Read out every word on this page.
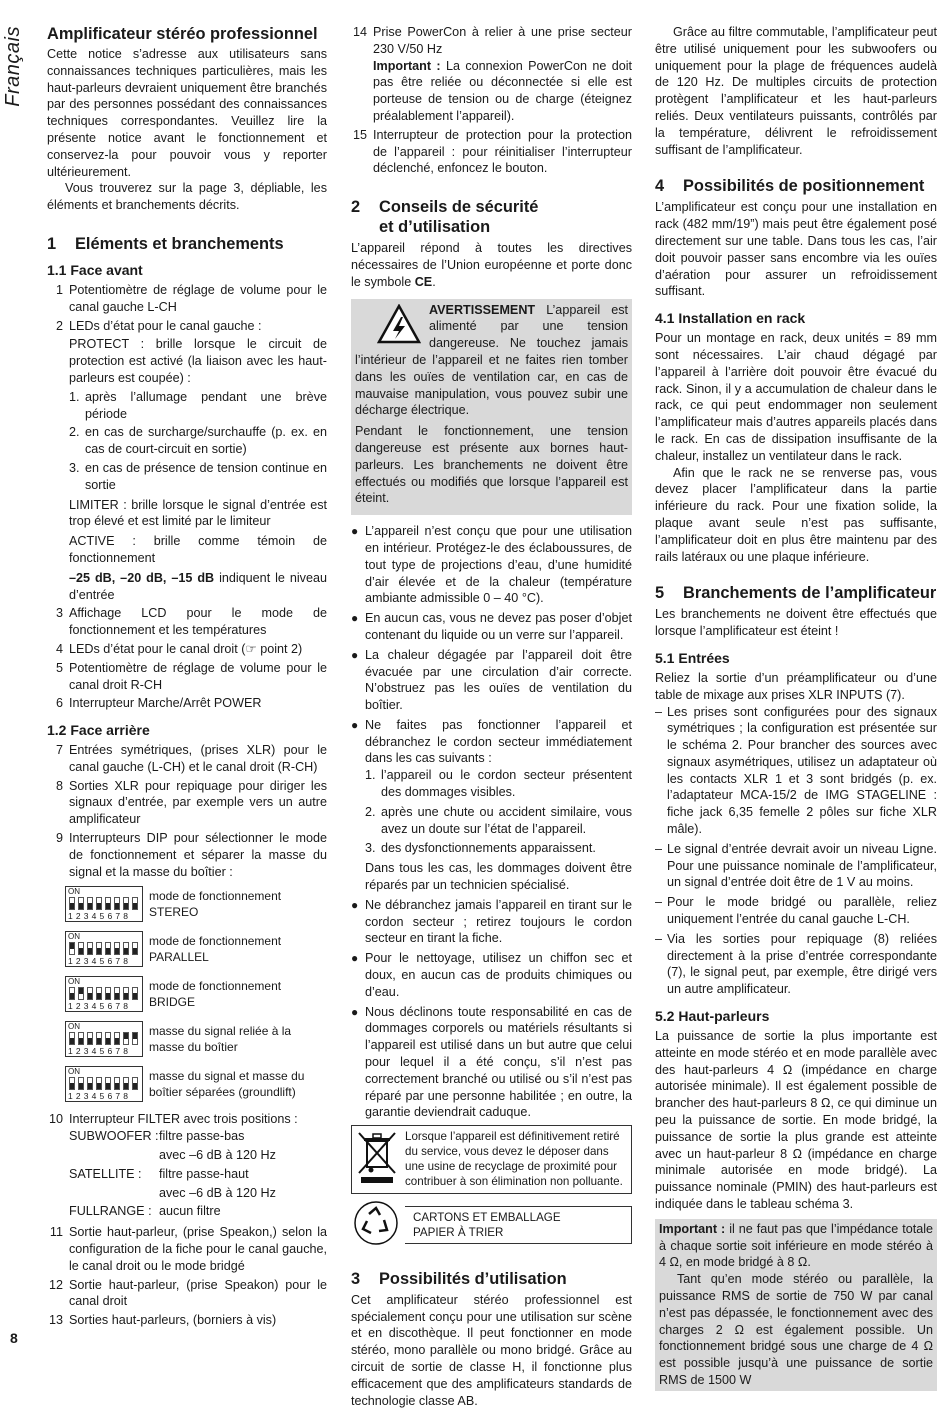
Français
8
Amplificateur stéréo professionnel

Cette notice s’adresse aux utilisateurs sans connaissances techniques particulières, mais les haut-parleurs devraient uniquement être branchés par des personnes possédant des connaissances techniques correspondantes. Veuillez lire la présente notice avant le fonctionnement et conservez-la pour pouvoir vous y reporter ultérieurement.

Vous trouverez sur la page 3, dépliable, les éléments et branchements décrits.

1 Eléments et branchements
1.1 Face avant
1 Potentiomètre de réglage de volume pour le canal gauche L-CH
2 LEDs d’état pour le canal gauche :
PROTECT : brille lorsque le circuit de protection est activé (la liaison avec les haut-parleurs est coupée) :
1. après l’allumage pendant une brève période
2. en cas de surcharge/surchauffe (p. ex. en cas de court-circuit en sortie)
3. en cas de présence de tension continue en sortie
LIMITER : brille lorsque le signal d’entrée est trop élevé et est limité par le limiteur
ACTIVE : brille comme témoin de fonctionnement
–25 dB, –20 dB, –15 dB indiquent le niveau d’entrée
3 Affichage LCD pour le mode de fonctionnement et les températures
4 LEDs d’état pour le canal droit (☞ point 2)
5 Potentiomètre de réglage de volume pour le canal droit R-CH
6 Interrupteur Marche/Arrêt POWER
1.2 Face arrière
7 Entrées symétriques, (prises XLR) pour le canal gauche (L-CH) et le canal droit (R-CH)
8 Sorties XLR pour repiquage pour diriger les signaux d’entrée, par exemple vers un autre amplificateur
9 Interrupteurs DIP pour sélectionner le mode de fonctionnement et séparer la masse du signal et la masse du boîtier :
ON
1 2 3 4 5 6 7 8
mode de fonctionnement
STEREO
ON
1 2 3 4 5 6 7 8
mode de fonctionnement
PARALLEL
ON
1 2 3 4 5 6 7 8
mode de fonctionnement
BRIDGE
ON
1 2 3 4 5 6 7 8
masse du signal reliée à la
masse du boîtier
ON
1 2 3 4 5 6 7 8
masse du signal et masse du
boîtier séparées (groundlift)
10 Interrupteur FILTER avec trois positions :
SUBWOOFER : filtre passe-bas
avec –6 dB à 120 Hz
SATELLITE :	filtre passe-haut
avec –6 dB à 120 Hz
FULLRANGE : aucun filtre
11 Sortie haut-parleur, (prise Speakon,) selon la configuration de la fiche pour le canal gauche, le canal droit ou le mode bridgé
12 Sortie haut-parleur, (prise Speakon) pour le canal droit
13 Sorties haut-parleurs, (borniers à vis)
14 Prise PowerCon à relier à une prise secteur 230 V/50 Hz
Important : La connexion PowerCon ne doit pas être reliée ou déconnectée si elle est porteuse de tension ou de charge (éteignez préalablement l’appareil).
15 Interrupteur de protection pour la protection de l’appareil : pour réinitialiser l’interrupteur déclenché, enfoncez le bouton.
2 Conseils de sécurité
et d’utilisation

L’appareil répond à toutes les directives nécessaires de l’Union européenne et porte donc le symbole CE.

AVERTISSEMENT
L’appareil est alimenté par une tension dangereuse. Ne touchez jamais l’intérieur de l’appareil et ne faites rien tomber dans les ouïes de ventilation car, en cas de mauvaise manipulation, vous pouvez subir une décharge électrique.

Pendant le fonctionnement, une tension dangereuse est présente aux bornes haut-parleurs. Les branchements ne doivent être effectués ou modifiés que lorsque l’appareil est éteint.

● L’appareil n’est conçu que pour une utilisation en intérieur. Protégez-le des éclaboussures, de tout type de projections d’eau, d’une humidité d’air élevée et de la chaleur (température ambiante admissible 0 – 40 °C).
● En aucun cas, vous ne devez pas poser d’objet contenant du liquide ou un verre sur l’appareil.
● La chaleur dégagée par l’appareil doit être évacuée par une circulation d’air correcte. N’obstruez pas les ouïes de ventilation du boîtier.
● Ne faites pas fonctionner l’appareil et débranchez le cordon secteur immédiatement dans les cas suivants :
1. l’appareil ou le cordon secteur présentent des dommages visibles.
2. après une chute ou accident similaire, vous avez un doute sur l’état de l’appareil.
3. des dysfonctionnements apparaissent.
Dans tous les cas, les dommages doivent être réparés par un technicien spécialisé.
● Ne débranchez jamais l’appareil en tirant sur le cordon secteur ; retirez toujours le cordon secteur en tirant la fiche.
● Pour le nettoyage, utilisez un chiffon sec et doux, en aucun cas de produits chimiques ou d’eau.
● Nous déclinons toute responsabilité en cas de dommages corporels ou matériels résultants si l’appareil est utilisé dans un but autre que celui pour lequel il a été conçu, s’il n’est pas correctement branché ou utilisé ou s’il n’est pas réparé par une personne habilitée ; en outre, la garantie deviendrait caduque.
Lorsque l’appareil est définitivement retiré du service, vous devez le déposer dans une usine de recyclage de proximité pour contribuer à son élimination non polluante.
CARTONS ET EMBALLAGE
PAPIER À TRIER
3 Possibilités d’utilisation

Cet amplificateur stéréo professionnel est spécialement conçu pour une utilisation sur scène et en discothèque. Il peut fonctionner en mode stéréo, mono parallèle ou mono bridgé. Grâce au circuit de sortie de classe H, il fonctionne plus efficacement que des amplificateurs standards de technologie classe AB.

Grâce au filtre commutable, l’amplificateur peut être utilisé uniquement pour les subwoofers ou uniquement pour la plage de fréquences audelà de 120 Hz. De multiples circuits de protection protègent l’amplificateur et les haut-parleurs reliés. Deux ventilateurs puissants, contrôlés par la température, délivrent le refroidissement suffisant de l’amplificateur.

4 Possibilités de positionnement

L’amplificateur est conçu pour une installation en rack (482 mm/19”) mais peut être également posé directement sur une table. Dans tous les cas, l’air doit pouvoir passer sans encombre via les ouïes d’aération pour assurer un refroidissement suffisant.

4.1 Installation en rack

Pour un montage en rack, deux unités = 89 mm sont nécessaires. L’air chaud dégagé par l’appareil à l’arrière doit pouvoir être évacué du rack. Sinon, il y a accumulation de chaleur dans le rack, ce qui peut endommager non seulement l’amplificateur mais d’autres appareils placés dans le rack. En cas de dissipation insuffisante de la chaleur, installez un ventilateur dans le rack.

Afin que le rack ne se renverse pas, vous devez placer l’amplificateur dans la partie inférieure du rack. Pour une fixation solide, la plaque avant seule n’est pas suffisante, l’amplificateur doit en plus être maintenu par des rails latéraux ou une plaque inférieure.

5 Branchements de l’amplificateur

Les branchements ne doivent être effectués que lorsque l’amplificateur est éteint !

5.1 Entrées

Reliez la sortie d’un préamplificateur ou d’une table de mixage aux prises XLR INPUTS (7).

– Les prises sont configurées pour des signaux symétriques ; la configuration est présentée sur le schéma 2. Pour brancher des sources avec signaux asymétriques, utilisez un adaptateur où les contacts XLR 1 et 3 sont bridgés (p. ex. l’adaptateur MCA-15/2 de IMG STAGELINE : fiche jack 6,35 femelle 2 pôles sur fiche XLR mâle).
– Le signal d’entrée devrait avoir un niveau Ligne. Pour une puissance nominale de l’amplificateur, un signal d’entrée doit être de 1 V au moins.
– Pour le mode bridgé ou parallèle, reliez uniquement l’entrée du canal gauche L-CH.
– Via les sorties pour repiquage (8) reliées directement à la prise d’entrée correspondante (7), le signal peut, par exemple, être dirigé vers un autre amplificateur.
5.2 Haut-parleurs

La puissance de sortie la plus importante est atteinte en mode stéréo et en mode parallèle avec des haut-parleurs 4 Ω (impédance en charge autorisée minimale). Il est également possible de brancher des haut-parleurs 8 Ω, ce qui diminue un peu la puissance de sortie. En mode bridgé, la puissance de sortie la plus grande est atteinte avec un haut-parleur 8 Ω (impédance en charge minimale autorisée en mode bridgé). La puissance nominale (PMIN) des haut-parleurs est indiquée dans le tableau schéma 3.

Important : il ne faut pas que l’impédance totale à chaque sortie soit inférieure en mode stéréo à 4 Ω, en mode bridgé à 8 Ω.

Tant qu’en mode stéréo ou parallèle, la puissance RMS de sortie de 750 W par canal n’est pas dépassée, le fonctionnement avec des charges 2 Ω est également possible. Un fonctionnement bridgé sous une charge de 4 Ω est possible jusqu’à une puissance de sortie RMS de 1500 W
